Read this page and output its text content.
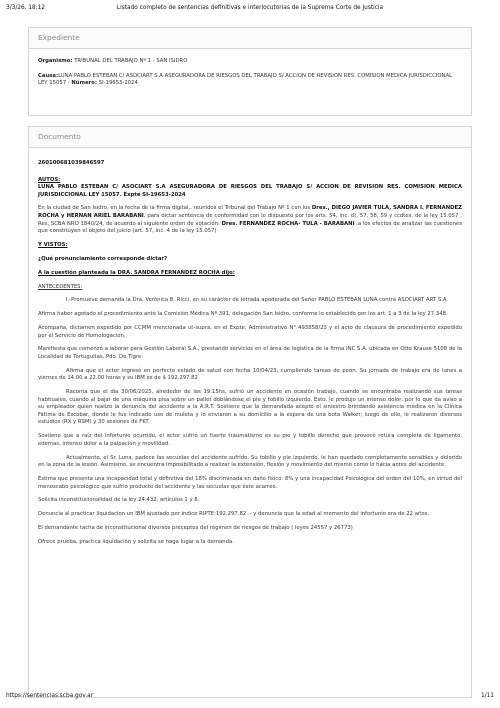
3/3/26, 18:12	Listado completo de sentencias definitivas e interlocutorias de la Suprema Corte de Justicia
Expediente
Organismo: TRIBUNAL DEL TRABAJO Nº 1 - SAN ISIDRO
Causa:LUNA PABLO ESTEBAN C/ ASOCIART S.A ASEGURADORA DE RIESGOS DEL TRABAJO S/ ACCION DE REVISION RES. COMISION MEDICA JURISDICCIONAL LEY 15057 - Número: SI-19653-2024
Documento

260100681039846597

AUTOS:

LUNA PABLO ESTEBAN C/ ASOCIART S.A ASEGURADORA DE RIESGOS DEL TRABAJO S/ ACCION DE REVISION RES. COMISION MEDICA JURISDICCIONAL LEY 15057. Expte SI-19653-2024

En la ciudad de San Isidro, en la fecha de la firma digital,, reunidos el Tribunal del Trabajo Nº 1 con los Dres., DIEGO JAVIER TULA, SANDRA I. FERNANDEZ ROCHA y HERNAN ARIEL BARABANI, para dictar sentencia de conformidad con lo dispuesto por los arts. 54, inc. d), 57, 58, 59 y ccdtes. de la ley 15.057 , Res. SCBA NRO 1840/24, de acuerdo al siguiente orden de votación: Dres. FERNANDEZ ROCHA- TULA - BARABANI ,a los efectos de analizar las cuestiones que constituyen el objeto del juicio (art. 57, inc. 4 de la ley 15.057)

Y VISTOS:

¿Qué pronunciamiento corresponde dictar?

A la cuestión planteada la DRA. SANDRA FERNANDEZ ROCHA dijo:

ANTECEDENTES:

I.-Promueve demanda la Dra. Verónica B. Ricci, en su carácter de letrada apoderada del Señor PABLO ESTEBAN LUNA contra ASOCIART ART S.A.

Afirma haber agotado el procedimiento ante la Comisión Médica Nº 391, delegación San Isidro, conforme lo establecido por los art. 1 a 3 de la ley 27.348.

Acompaña, dictamen expedido por CCMM mencionada ut-supra, en el Expte. Administrativo N° 493858/23 y el acto de clausura de procedimiento expedido por el Servicio de Homologación.

Manifiesta que comenzó a laborar para Gestión Laboral S.A., prestando servicios en el área de logística de la firma INC S.A. ubicada en Otto Krause 5108 de la Localidad de Tortuguitas, Pdo. De Tigre.

Afirma que el actor ingresó en perfecto estado de salud con fecha 10/04/23, cumpliendo tareas de peón. Su jornada de trabajo era de lunes a viernes de 14.00 a 22.00 horas y su IBM es de $ 192.297.82

Raconta que el día 30/06/2023, alrededor de las 19:15hs, sufrió un accidente en ocasión trabajo, cuando se encontraba realizando sus tareas habituales, cuando al bajar de una máquina pisa sobre un pallet doblándose el pie y tobillo izquierdo. Esto, le produjo un intenso dolor, por lo que da aviso a su empleador quien realizó la denuncia del accidente a la A.R.T. Sostiene que la demandada aceptó el siniestro brindando asistencia médica en la Clínica Fátima de Escobar, donde le fue indicado uso de muleta y lo enviaron a su domicilio a la espera de una bota Walker; luego de ello, le realizaron diversos estudios (RX y RSM) y 30 sesiones de FKT.

Sostiene que a raíz del infortunio ocurrido, el actor sufrió un fuerte traumatismo es su pie y tobillo derecho que provocó rotura completa de ligamento, edemas, intenso dolor a la palpación y movilidad.

Actualmente, el Sr. Luna, padece las secuelas del accidente sufrido. Su tobillo y pie izquierdo, le han quedado completamente sensibles y dolorido en la zona de la lesión. Asimismo, se encuentra imposibilitado a realizar la extensión, flexión y movimiento del mismo como lo hacía antes del accidente.

Estima que presenta una incapacidad total y definitiva del 18% discriminada en daño físico: 8% y una incapacidad Psicológica del orden del 10%, en virtud del menoscabo psicológico que sufrió producto del accidente y las secuelas que éste acarreó.

Solicita inconstitucionalidad de la ley 24.432, artículos 1 y 8.

Denuncia al practicar liquidacion un IBM ajustado por indice RIPTE:192.297,82 .- y denuncia que la edad al momento del infortunio era de 22 años.

El demandante tacha de inconstitucional diversos preceptos del régimen de riesgos de trabajo ( leyes 24557 y 26773)

Ofrece prueba, practica liquidación y solicita se haga lugar a la demanda.

https://sentencias.scba.gov.ar	1/11
